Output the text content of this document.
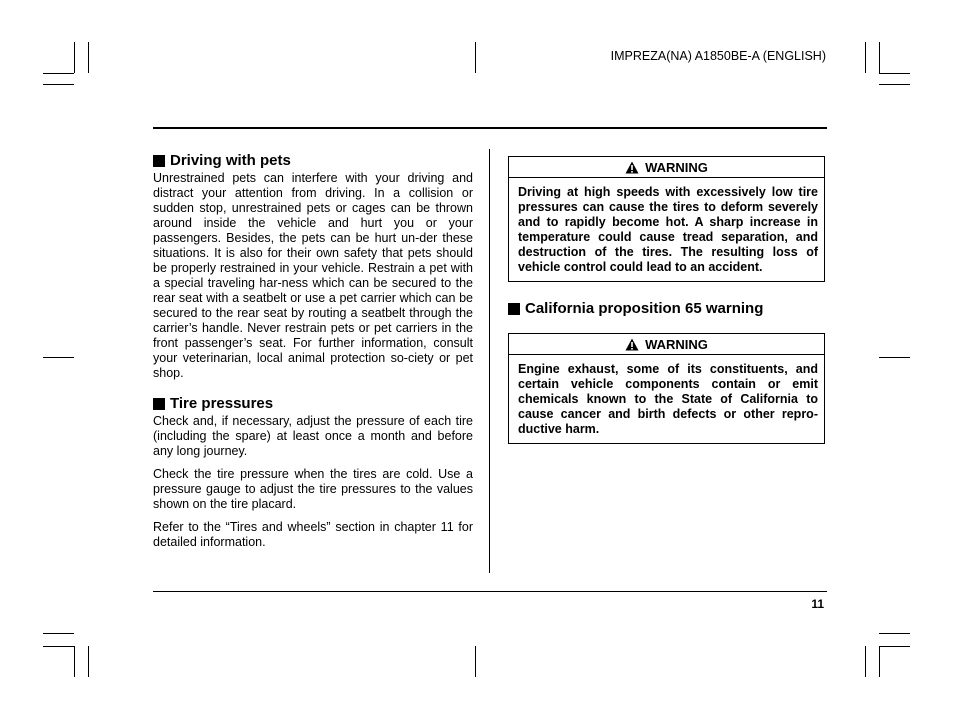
IMPREZA(NA) A1850BE-A (ENGLISH)
Driving with pets

Unrestrained pets can interfere with your driving and distract your attention from driving. In a collision or sudden stop, unrestrained pets or cages can be thrown around inside the vehicle and hurt you or your passengers. Besides, the pets can be hurt un-der these situations. It is also for their own safety that pets should be properly restrained in your vehicle. Restrain a pet with a special traveling har-ness which can be secured to the rear seat with a seatbelt or use a pet carrier which can be secured to the rear seat by routing a seatbelt through the carrier’s handle. Never restrain pets or pet carriers in the front passenger’s seat. For further information, consult your veterinarian, local animal protection so-ciety or pet shop.

Tire pressures

Check and, if necessary, adjust the pressure of each tire (including the spare) at least once a month and before any long journey.

Check the tire pressure when the tires are cold. Use a pressure gauge to adjust the tire pressures to the values shown on the tire placard.

Refer to the “Tires and wheels” section in chapter 11 for detailed information.

WARNING
Driving at high speeds with excessively low tire pressures can cause the tires to deform severely and to rapidly become hot. A sharp increase in temperature could cause tread separation, and destruction of the tires. The resulting loss of vehicle control could lead to an accident.
California proposition 65 warning
WARNING
Engine exhaust, some of its constituents, and certain vehicle components contain or emit chemicals known to the State of California to cause cancer and birth defects or other repro-ductive harm.
11
